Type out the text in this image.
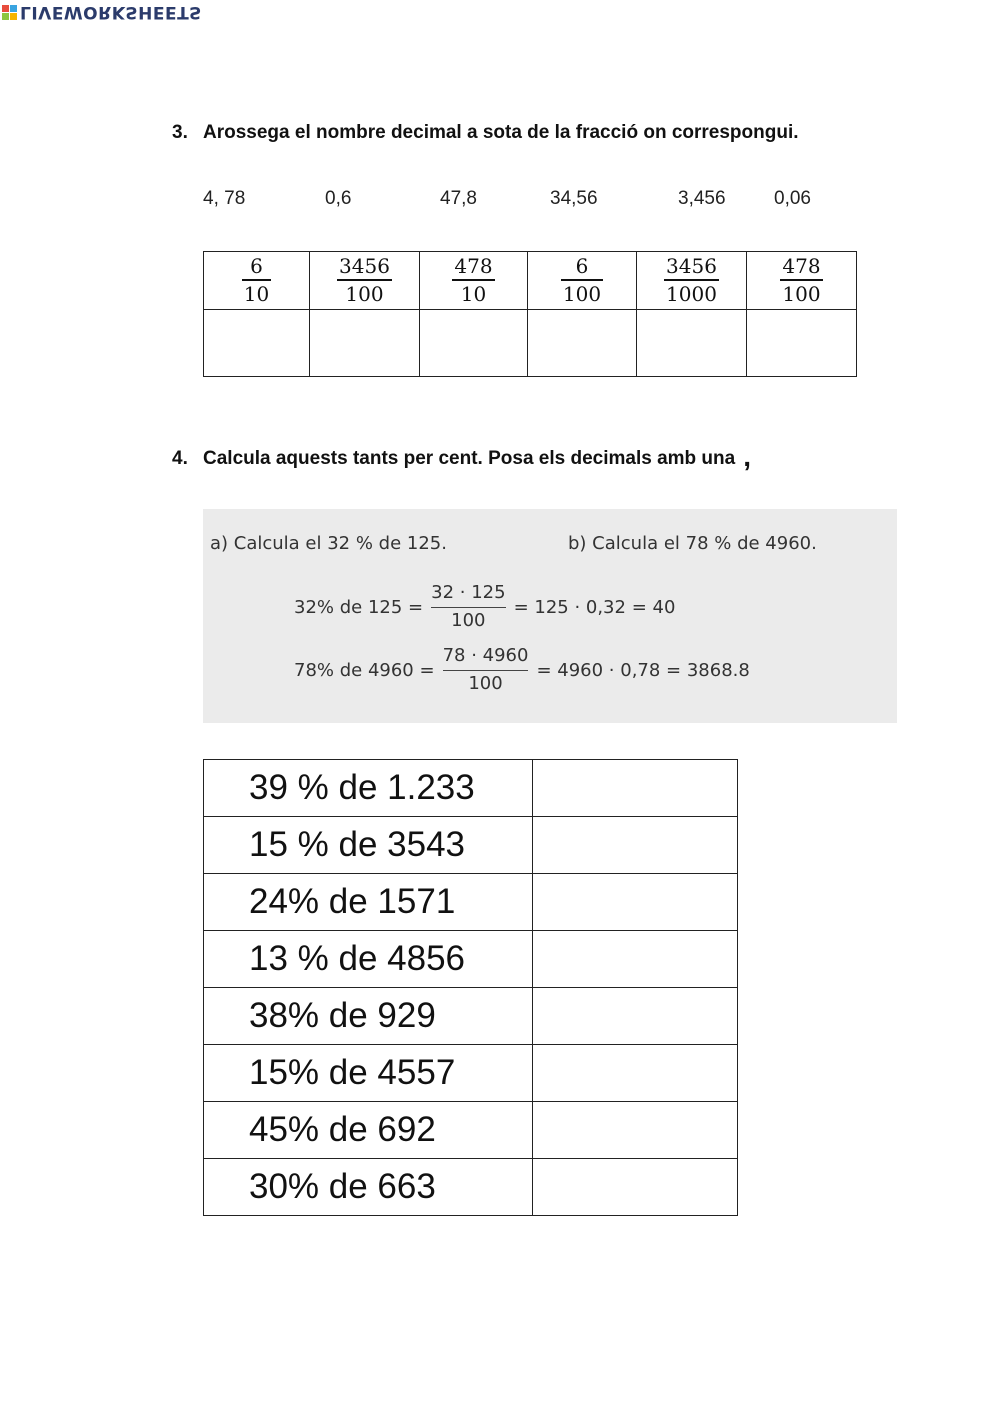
LIVEWORKSHEETS
3. Arossega el nombre decimal a sota de la fracció on correspongui.
4, 78	0,6	47,8	34,56	3,456	0,06
$\frac{6}{10}$	$\frac{3456}{100}$	$\frac{478}{10}$	$\frac{6}{100}$	$\frac{3456}{1000}$	$\frac{478}{100}$

4. Calcula aquests tants per cent. Posa els decimals amb una ,
a) Calcula el 32 % de 125.	b) Calcula el 78 % de 4960.
32% de 125 =
32 · 125
100
= 125 · 0,32 = 40
78% de 4960 =
78 · 4960
100
= 4960 · 0,78 = 3868.8
39 % de 1.233	
15 % de 3543	
24% de 1571	
13 % de 4856	
38% de 929	
15% de 4557	
45% de 692	
30% de 663	
